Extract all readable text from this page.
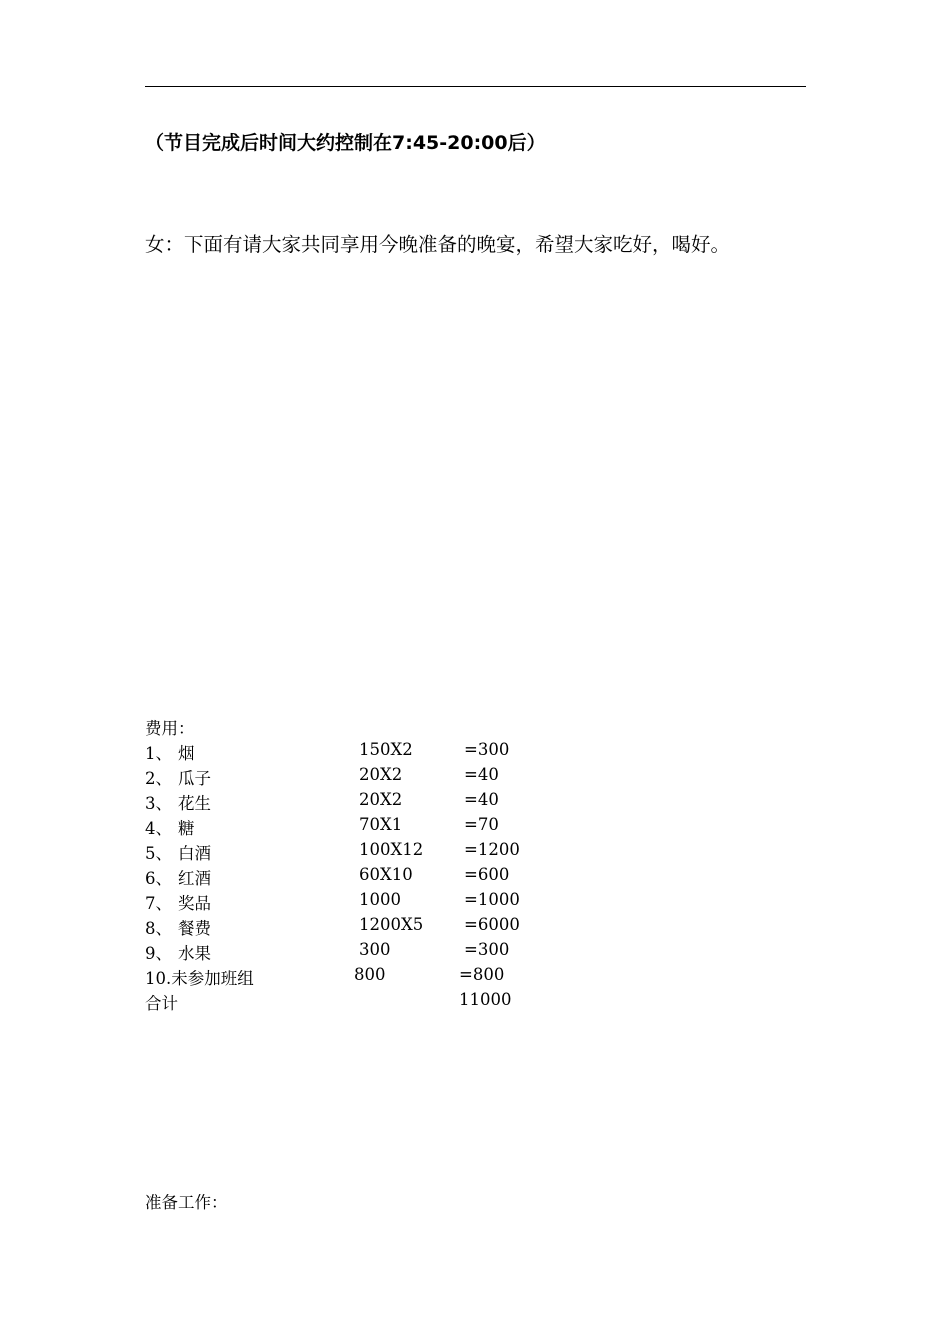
（节目完成后时间大约控制在7:45-20:00后）
女：下面有请大家共同享用今晚准备的晚宴，希望大家吃好，喝好。
费用：
1、 烟	150X2	=300
2、 瓜子	20X2	=40
3、 花生	20X2	=40
4、 糖	70X1	=70
5、 白酒	100X12 =1200
6、 红酒	60X10	=600
7、 奖品	1000	=1000
8、 餐费	1200X5 =6000
9、 水果	300	=300
10.未参加班组	800	=800
合计	11000
准备工作：
